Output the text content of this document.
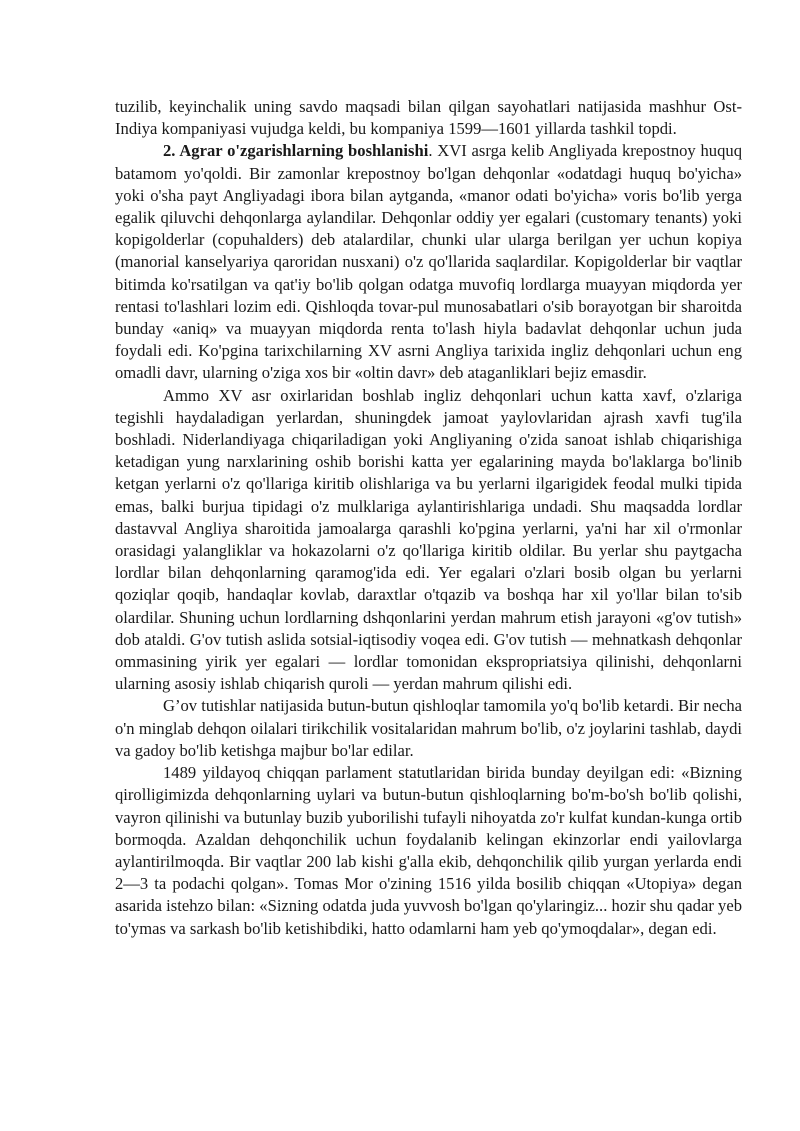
tuzilib, keyinchalik uning savdo maqsadi bilan qilgan sayohatlari natijasida mashhur Ost-Indiya kompaniyasi vujudga keldi, bu kompaniya 1599—1601 yillarda tashkil topdi.

2. Agrar o'zgarishlarning boshlanishi. XVI asrga kelib Angliyada krepostnoy huquq batamom yo'qoldi. Bir zamonlar krepostnoy bo'lgan dehqonlar «odatdagi huquq bo'yicha» yoki o'sha payt Angliyadagi ibora bilan aytganda, «manor odati bo'yicha» voris bo'lib yerga egalik qiluvchi dehqonlarga aylandilar. Dehqonlar oddiy yer egalari (customary tenants) yoki kopigolderlar (copuhalders) deb atalardilar, chunki ular ularga berilgan yer uchun kopiya (manorial kanselyariya qaroridan nusxani) o'z qo'llarida saqlardilar. Kopigolderlar bir vaqtlar bitimda ko'rsatilgan va qat'iy bo'lib qolgan odatga muvofiq lordlarga muayyan miqdorda yer rentasi to'lashlari lozim edi. Qishloqda tovar-pul munosabatlari o'sib borayotgan bir sharoitda bunday «aniq» va muayyan miqdorda renta to'lash hiyla badavlat dehqonlar uchun juda foydali edi. Ko'pgina tarixchilarning XV asrni Angliya tarixida ingliz dehqonlari uchun eng omadli davr, ularning o'ziga xos bir «oltin davr» deb ataganliklari bejiz emasdir.

Ammo XV asr oxirlaridan boshlab ingliz dehqonlari uchun katta xavf, o'zlariga tegishli haydaladigan yerlardan, shuningdek jamoat yaylovlaridan ajrash xavfi tug'ila boshladi. Niderlandiyaga chiqariladigan yoki Angliyaning o'zida sanoat ishlab chiqarishiga ketadigan yung narxlarining oshib borishi katta yer egalarining mayda bo'laklarga bo'linib ketgan yerlarni o'z qo'llariga kiritib olishlariga va bu yerlarni ilgarigidek feodal mulki tipida emas, balki burjua tipidagi o'z mulklariga aylantirishlariga undadi. Shu maqsadda lordlar dastavval Angliya sharoitida jamoalarga qarashli ko'pgina yerlarni, ya'ni har xil o'rmonlar orasidagi yalangliklar va hokazolarni o'z qo'llariga kiritib oldilar. Bu yerlar shu paytgacha lordlar bilan dehqonlarning qaramog'ida edi. Yer egalari o'zlari bosib olgan bu yerlarni qoziqlar qoqib, handaqlar kovlab, daraxtlar o'tqazib va boshqa har xil yo'llar bilan to'sib olardilar. Shuning uchun lordlarning dshqonlarini yerdan mahrum etish jarayoni «g'ov tutish» dob ataldi. G'ov tutish aslida sotsial-iqtisodiy voqea edi. G'ov tutish — mehnatkash dehqonlar ommasining yirik yer egalari — lordlar tomonidan ekspropriatsiya qilinishi, dehqonlarni ularning asosiy ishlab chiqarish quroli — yerdan mahrum qilishi edi.

G’ov tutishlar natijasida butun-butun qishloqlar tamomila yo'q bo'lib ketardi. Bir necha o'n minglab dehqon oilalari tirikchilik vositalaridan mahrum bo'lib, o'z joylarini tashlab, daydi va gadoy bo'lib ketishga majbur bo'lar edilar.

1489 yildayoq chiqqan parlament statutlaridan birida bunday deyilgan edi: «Bizning qirolligimizda dehqonlarning uylari va butun-butun qishloqlarning bo'm-bo'sh bo'lib qolishi, vayron qilinishi va butunlay buzib yuborilishi tufayli nihoyatda zo'r kulfat kundan-kunga ortib bormoqda. Azaldan dehqonchilik uchun foydalanib kelingan ekinzorlar endi yailovlarga aylantirilmoqda. Bir vaqtlar 200 lab kishi g'alla ekib, dehqonchilik qilib yurgan yerlarda endi 2—3 ta podachi qolgan». Tomas Mor o'zining 1516 yilda bosilib chiqqan «Utopiya» degan asarida istehzo bilan: «Sizning odatda juda yuvvosh bo'lgan qo'ylaringiz... hozir shu qadar yeb to'ymas va sarkash bo'lib ketishibdiki, hatto odamlarni ham yeb qo'ymoqdalar», degan edi.
